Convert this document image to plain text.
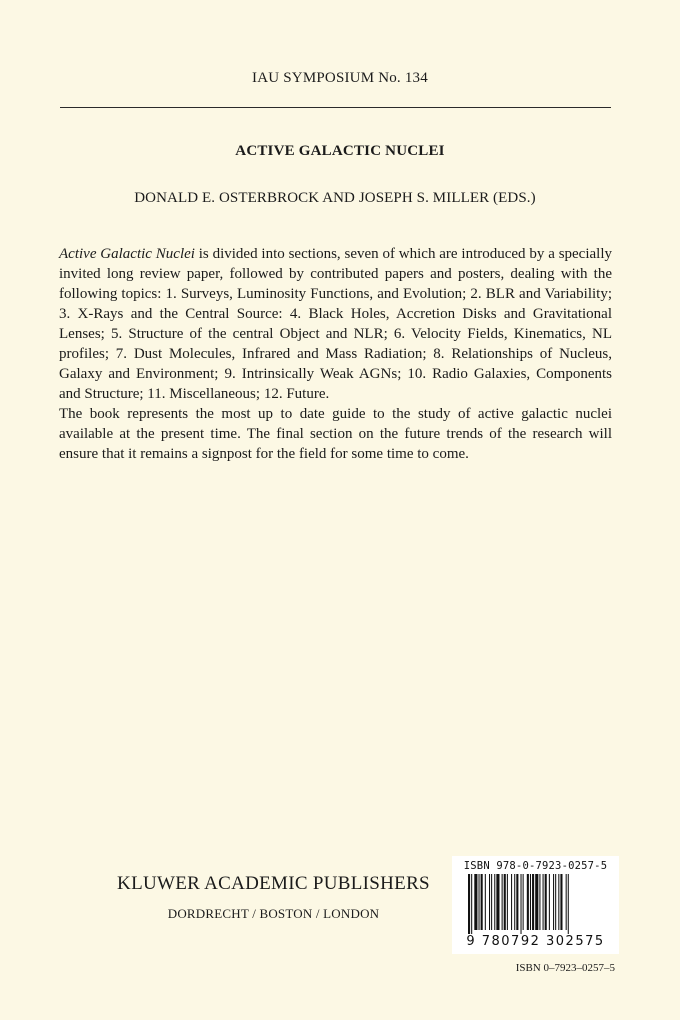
IAU SYMPOSIUM No. 134
ACTIVE GALACTIC NUCLEI
DONALD E. OSTERBROCK AND JOSEPH S. MILLER (EDS.)

Active Galactic Nuclei is divided into sections, seven of which are introduced by a specially invited long review paper, followed by contributed papers and posters, dealing with the following topics: 1. Surveys, Luminosity Functions, and Evolution; 2. BLR and Variability; 3. X-Rays and the Central Source: 4. Black Holes, Accretion Disks and Gravitational Lenses; 5. Structure of the central Object and NLR; 6. Velocity Fields, Kinematics, NL profiles; 7. Dust Molecules, Infrared and Mass Radiation; 8. Relationships of Nucleus, Galaxy and Environment; 9. Intrinsically Weak AGNs; 10. Radio Galaxies, Components and Structure; 11. Miscellaneous; 12. Future.

The book represents the most up to date guide to the study of active galactic nuclei available at the present time. The final section on the future trends of the research will ensure that it remains a signpost for the field for some time to come.

KLUWER ACADEMIC PUBLISHERS
DORDRECHT / BOSTON / LONDON
ISBN 978-0-7923-0257-5
9 780792 302575
ISBN 0–7923–0257–5
